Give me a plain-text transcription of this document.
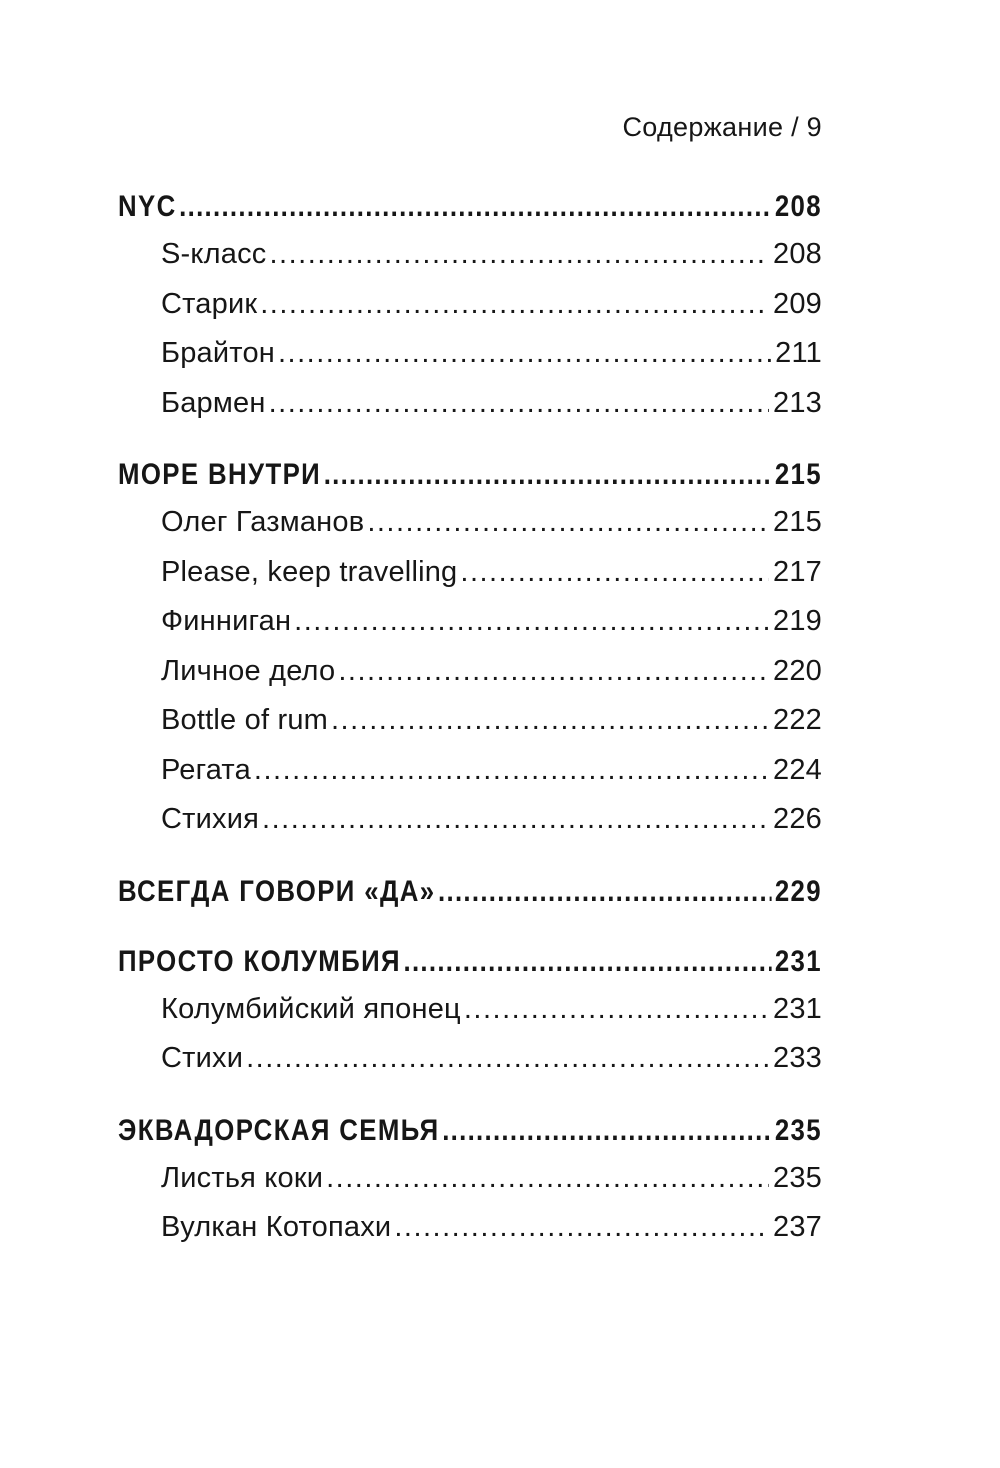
Содержание / 9
NYC .....	208
S-класс .....	208
Старик .....	209
Брайтон .....	211
Бармен .....	213
МОРЕ ВНУТРИ .....	215
Олег Газманов .....	215
Please, keep travelling .....	217
Финниган .....	219
Личное дело .....	220
Bottle of rum .....	222
Регата .....	224
Стихия .....	226
ВСЕГДА ГОВОРИ «ДА» .....	229
ПРОСТО КОЛУМБИЯ .....	231
Колумбийский японец .....	231
Стихи .....	233
ЭКВАДОРСКАЯ СЕМЬЯ .....	235
Листья коки .....	235
Вулкан Котопахи .....	237
